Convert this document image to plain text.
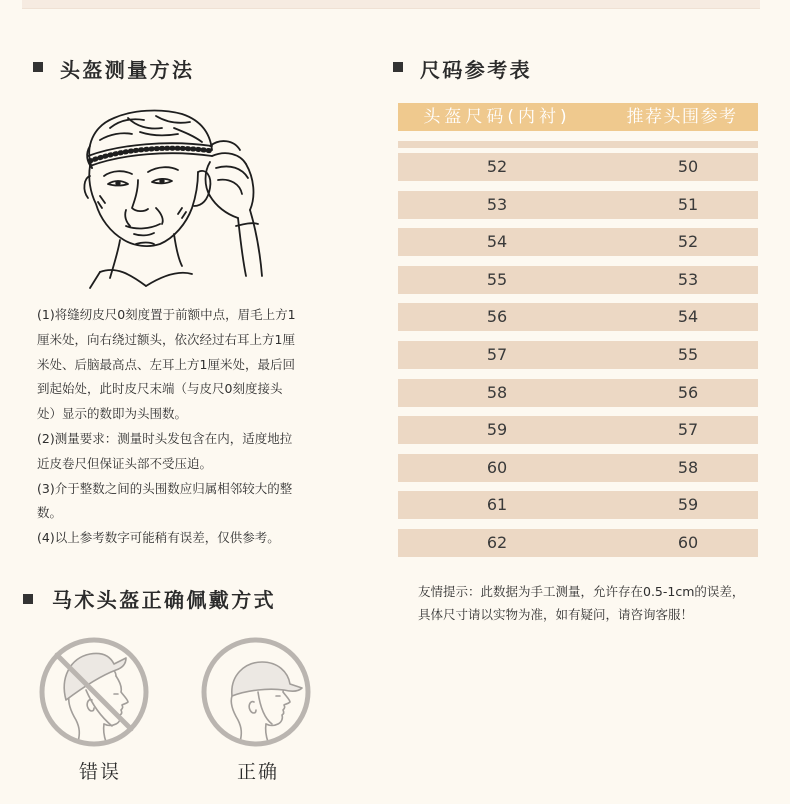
头盔测量方法
(1)将缝纫皮尺0刻度置于前额中点，眉毛上方1
厘米处，向右绕过额头，依次经过右耳上方1厘
米处、后脑最高点、左耳上方1厘米处，最后回
到起始处，此时皮尺末端（与皮尺0刻度接头
处）显示的数即为头围数。
(2)测量要求：测量时头发包含在内，适度地拉
近皮卷尺但保证头部不受压迫。
(3)介于整数之间的头围数应归属相邻较大的整
数。
(4)以上参考数字可能稍有误差，仅供参考。
马术头盔正确佩戴方式
错误	正确
尺码参考表
头盔尺码(内衬)	推荐头围参考
52	50
53	51
54	52
55	53
56	54
57	55
58	56
59	57
60	58
61	59
62	60
友情提示：此数据为手工测量，允许存在0.5-1cm的误差，
具体尺寸请以实物为准，如有疑问，请咨询客服！
